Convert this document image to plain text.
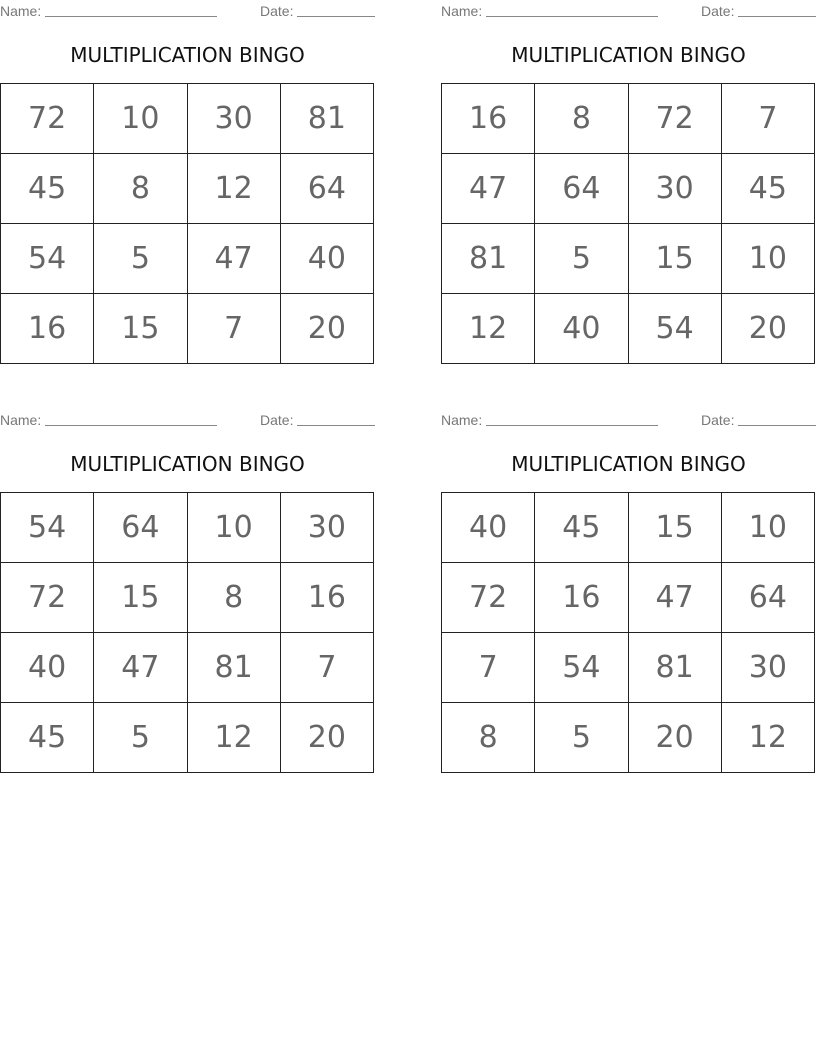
Name:	Date:
MULTIPLICATION BINGO
72	10	30	81
45	8	12	64
54	5	47	40
16	15	7	20
Name:	Date:
MULTIPLICATION BINGO
16	8	72	7
47	64	30	45
81	5	15	10
12	40	54	20
Name:	Date:
MULTIPLICATION BINGO
54	64	10	30
72	15	8	16
40	47	81	7
45	5	12	20
Name:	Date:
MULTIPLICATION BINGO
40	45	15	10
72	16	47	64
7	54	81	30
8	5	20	12
